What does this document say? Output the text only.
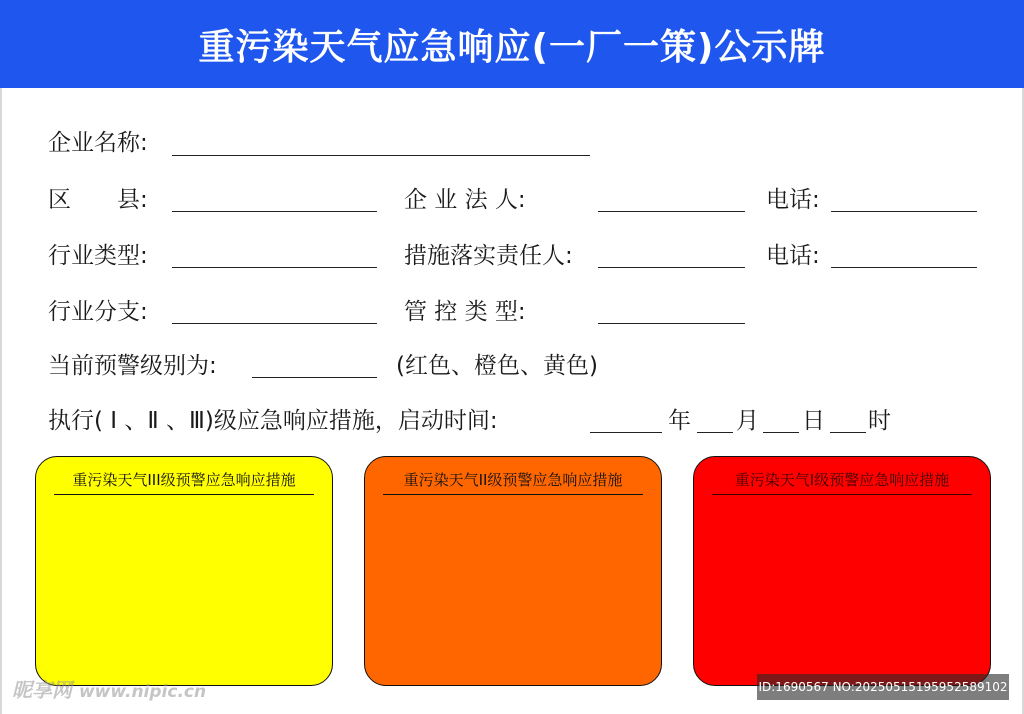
重污染天气应急响应(一厂一策)公示牌
企业名称:
区　　县:	企 业 法 人:	电话:
行业类型:	措施落实责任人:	电话:
行业分支:	管 控 类 型:
当前预警级别为:	(红色、橙色、黄色)
执行( Ⅰ 、Ⅱ 、Ⅲ)级应急响应措施，启动时间:	年 月 日 时
重污染天气III级预警应急响应措施	重污染天气II级预警应急响应措施	重污染天气Ⅰ级预警应急响应措施
昵享网 www.nipic.cn	ID:1690567 NO:20250515195952589102
